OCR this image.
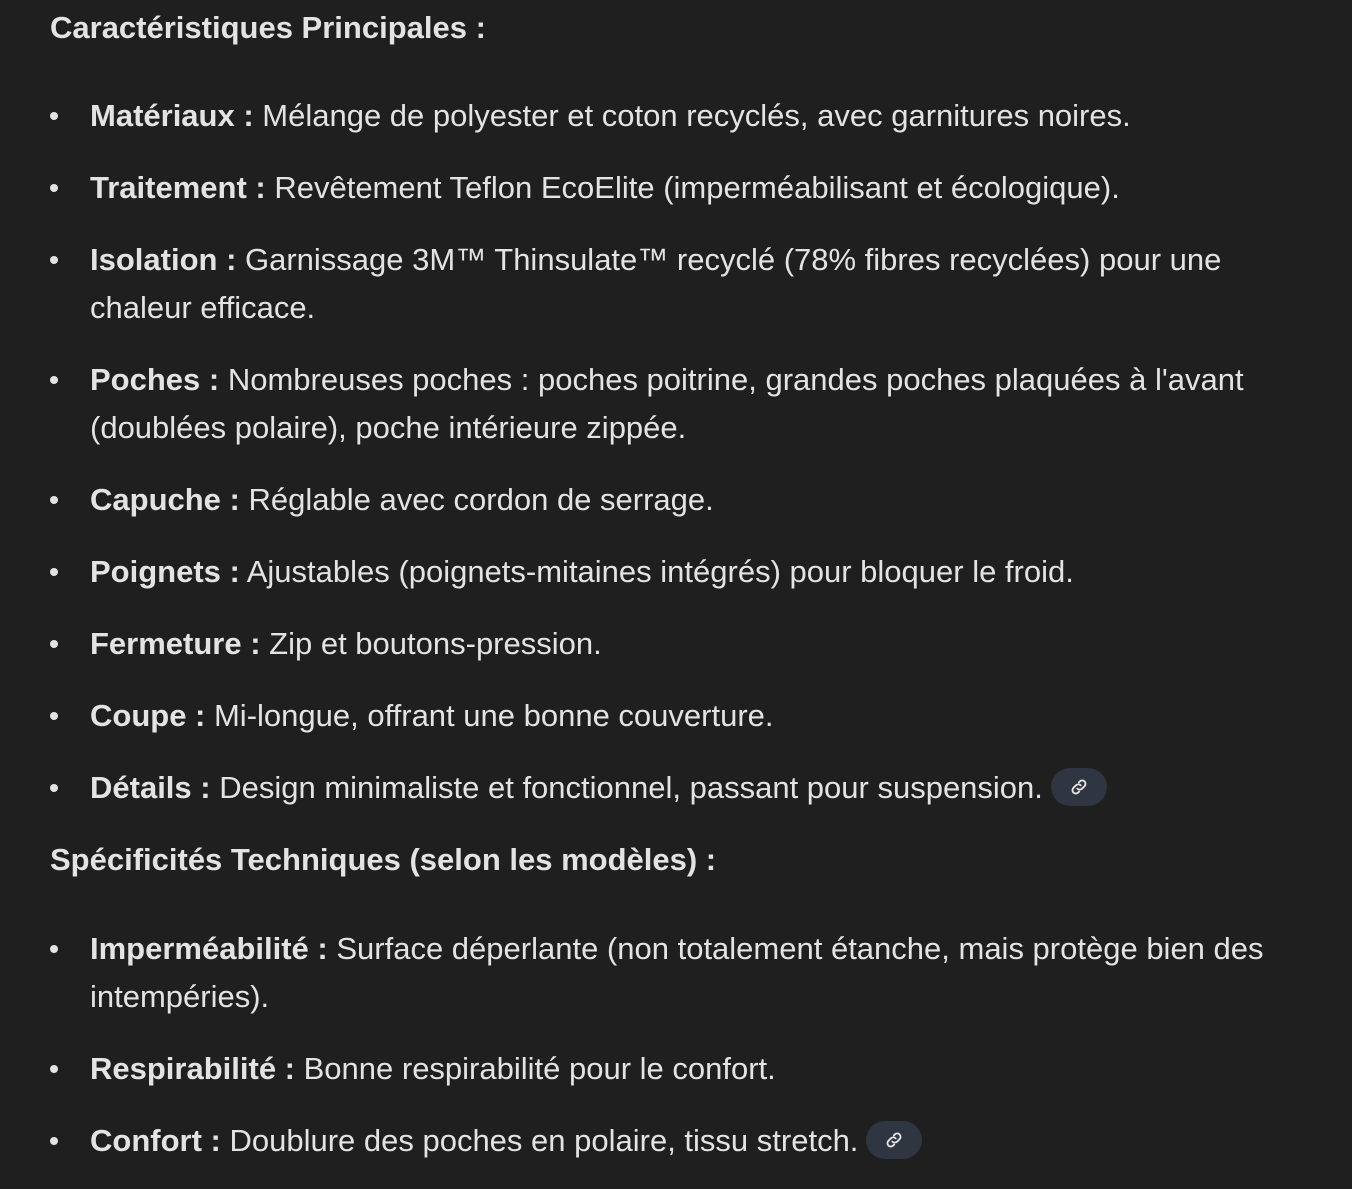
Caractéristiques Principales :
Matériaux : Mélange de polyester et coton recyclés, avec garnitures noires.
Traitement : Revêtement Teflon EcoElite (imperméabilisant et écologique).
Isolation : Garnissage 3M™ Thinsulate™ recyclé (78% fibres recyclées) pour une chaleur efficace.
Poches : Nombreuses poches : poches poitrine, grandes poches plaquées à l'avant (doublées polaire), poche intérieure zippée.
Capuche : Réglable avec cordon de serrage.
Poignets : Ajustables (poignets-mitaines intégrés) pour bloquer le froid.
Fermeture : Zip et boutons-pression.
Coupe : Mi-longue, offrant une bonne couverture.
Détails : Design minimaliste et fonctionnel, passant pour suspension.
Spécificités Techniques (selon les modèles) :
Imperméabilité : Surface déperlante (non totalement étanche, mais protège bien des intempéries).
Respirabilité : Bonne respirabilité pour le confort.
Confort : Doublure des poches en polaire, tissu stretch.
